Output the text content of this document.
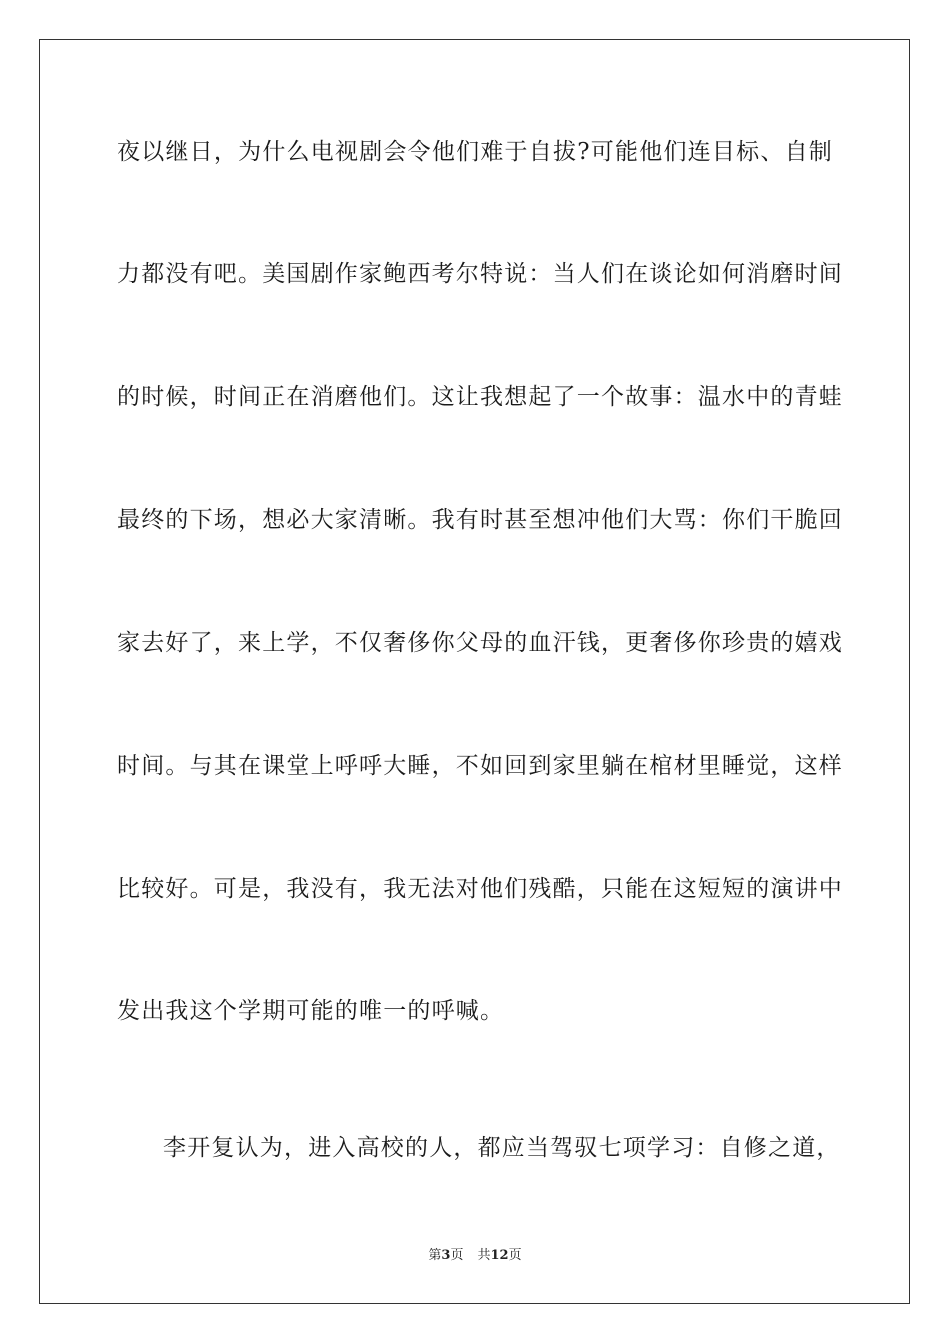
夜以继日，为什么电视剧会令他们难于自拔?可能他们连目标、自制
力都没有吧。美国剧作家鲍西考尔特说：当人们在谈论如何消磨时间
的时候，时间正在消磨他们。这让我想起了一个故事：温水中的青蛙
最终的下场，想必大家清晰。我有时甚至想冲他们大骂：你们干脆回
家去好了，来上学，不仅奢侈你父母的血汗钱，更奢侈你珍贵的嬉戏
时间。与其在课堂上呼呼大睡，不如回到家里躺在棺材里睡觉，这样
比较好。可是，我没有，我无法对他们残酷，只能在这短短的演讲中
发出我这个学期可能的唯一的呼喊。
李开复认为，进入高校的人，都应当驾驭七项学习：自修之道，
第3页 共12页
